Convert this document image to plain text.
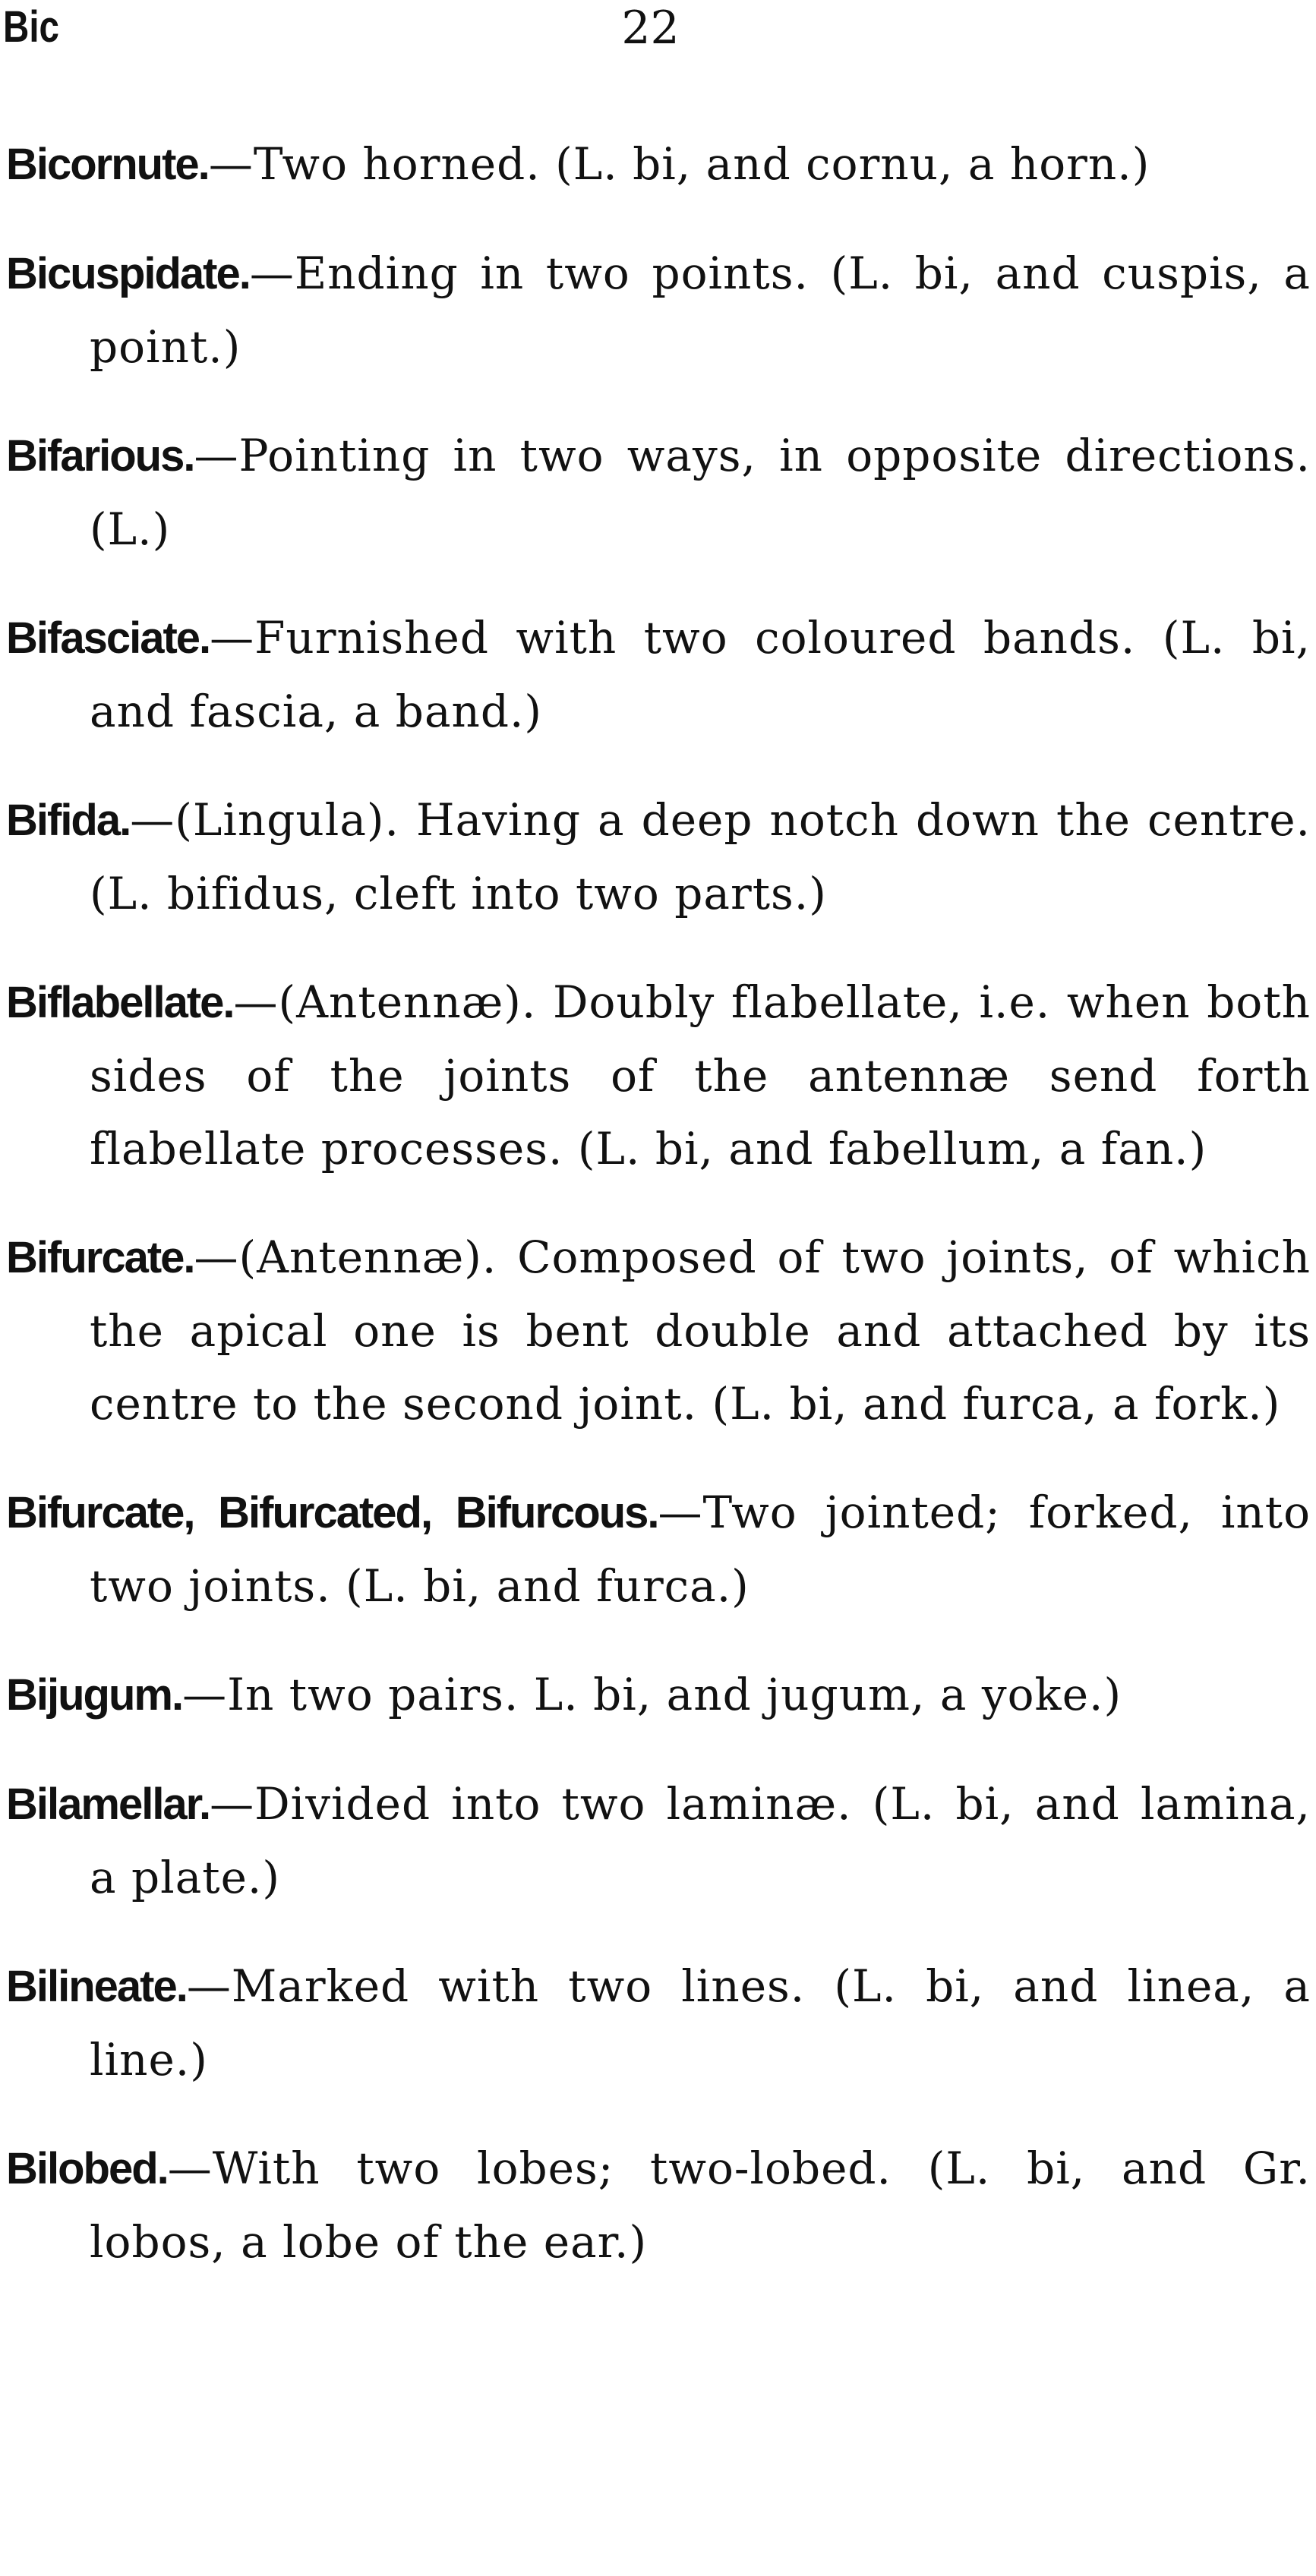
Bic	22

Bicornute.—Two horned. (L. bi, and cornu, a horn.)

Bicuspidate.—Ending in two points. (L. bi, and cuspis, a point.)

Bifarious.—Pointing in two ways, in opposite directions. (L.)

Bifasciate.—Furnished with two coloured bands. (L. bi, and fascia, a band.)

Bifida.—(Lingula). Having a deep notch down the centre. (L. bifidus, cleft into two parts.)

Biflabellate.—(Antennæ). Doubly flabellate, i.e. when both sides of the joints of the antennæ send forth flabellate processes. (L. bi, and fabellum, a fan.)

Bifurcate.—(Antennæ). Composed of two joints, of which the apical one is bent double and attached by its centre to the second joint. (L. bi, and furca, a fork.)

Bifurcate, Bifurcated, Bifurcous.—Two jointed; forked, into two joints. (L. bi, and furca.)

Bijugum.—In two pairs. L. bi, and jugum, a yoke.)

Bilamellar.—Divided into two laminæ. (L. bi, and lamina, a plate.)

Bilineate.—Marked with two lines. (L. bi, and linea, a line.)

Bilobed.—With two lobes; two-lobed. (L. bi, and Gr. lobos, a lobe of the ear.)
